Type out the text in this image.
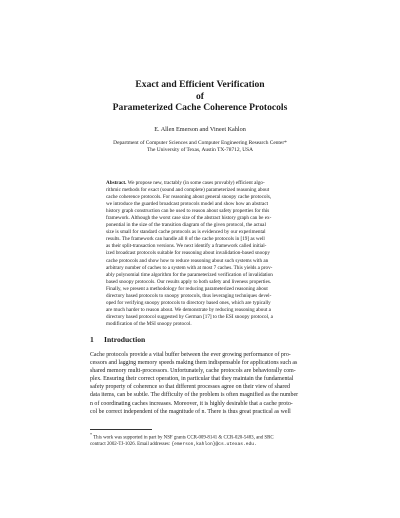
Exact and Efficient Verification
of
Parameterized Cache Coherence Protocols
E. Allen Emerson and Vineet Kahlon
Department of Computer Sciences and Computer Engineering Research Center*
The University of Texas, Austin TX-78712, USA
Abstract. We propose new, tractably (in some cases provably) efficient algo-
rithmic methods for exact (sound and complete) parameterized reasoning about
cache coherence protocols. For reasoning about general snoopy cache protocols,
we introduce the guarded broadcast protocols model and show how an abstract
history graph construction can be used to reason about safety properties for this
framework. Although the worst case size of the abstract history graph can be ex-
ponential in the size of the transition diagram of the given protocol, the actual
size is small for standard cache protocols as is evidenced by our experimental
results. The framework can handle all 8 of the cache protocols in [19] as well
as their split-transaction versions. We next identify a framework called initial-
ized broadcast protocols suitable for reasoning about invalidation-based snoopy
cache protocols and show how to reduce reasoning about such systems with an
arbitrary number of caches to a system with at most 7 caches. This yields a prov-
ably polynomial time algorithm for the parameterized verification of invalidation
based snoopy protocols. Our results apply to both safety and liveness properties.
Finally, we present a methodology for reducing parameterized reasoning about
directory based protocols to snoopy protocols, thus leveraging techniques devel-
oped for verifying snoopy protocols to directory based ones, which are typically
are much harder to reason about. We demonstrate by reducing reasoning about a
directory based protocol suggested by German [17] to the ESI snoopy protocol, a
modification of the MSI snoopy protocol.
1 Introduction
Cache protocols provide a vital buffer between the ever growing performance of pro-
cessors and lagging memory speeds making them indispensable for applications such as
shared memory multi-processors. Unfortunately, cache protocols are behaviorally com-
plex. Ensuring their correct operation, in particular that they maintain the fundamental
safety property of coherence so that different processes agree on their view of shared
data items, can be subtle. The difficulty of the problem is often magnified as the number
n of coordinating caches increases. Moreover, it is highly desirable that a cache proto-
col be correct independent of the magnitude of n. There is thus great practical as well
* This work was supported in part by NSF grants CCR-009-8141 & CCR-020-5483, and SRC
contract 2002-TJ-1026. Email addresses: {emerson,kahlon}@cs.utexas.edu.
